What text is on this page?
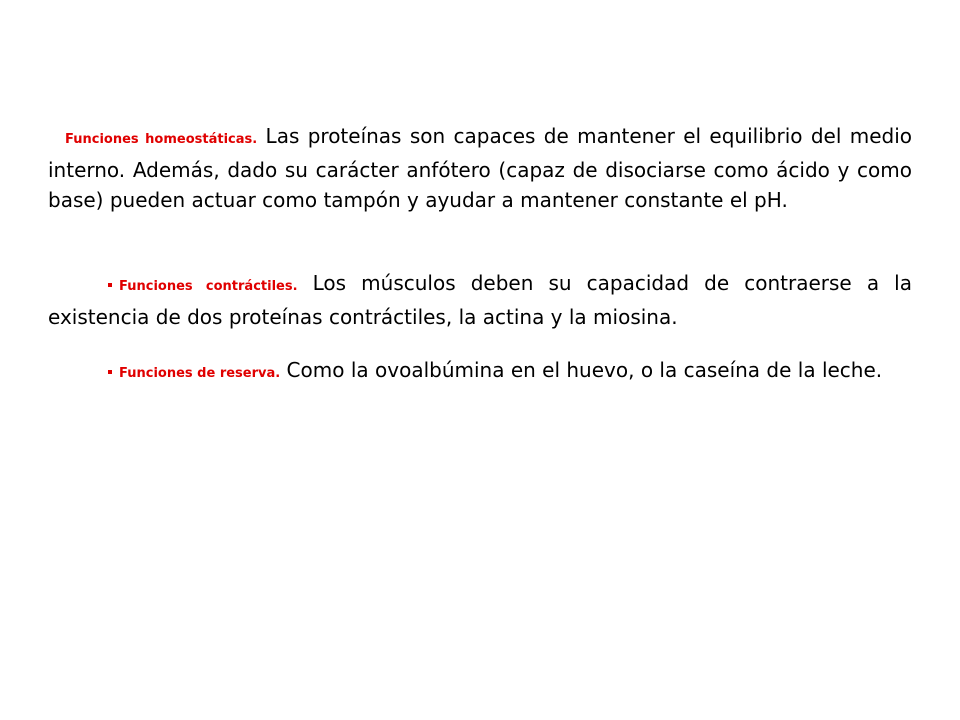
Funciones homeostáticas. Las proteínas son capaces de mantener el equilibrio del medio interno. Además, dado su carácter anfótero (capaz de disociarse como ácido y como base) pueden actuar como tampón y ayudar a mantener constante el pH.

Funciones contráctiles. Los músculos deben su capacidad de contraerse a la existencia de dos proteínas contráctiles, la actina y la miosina.

Funciones de reserva. Como la ovoalbúmina en el huevo, o la caseína de la leche.
